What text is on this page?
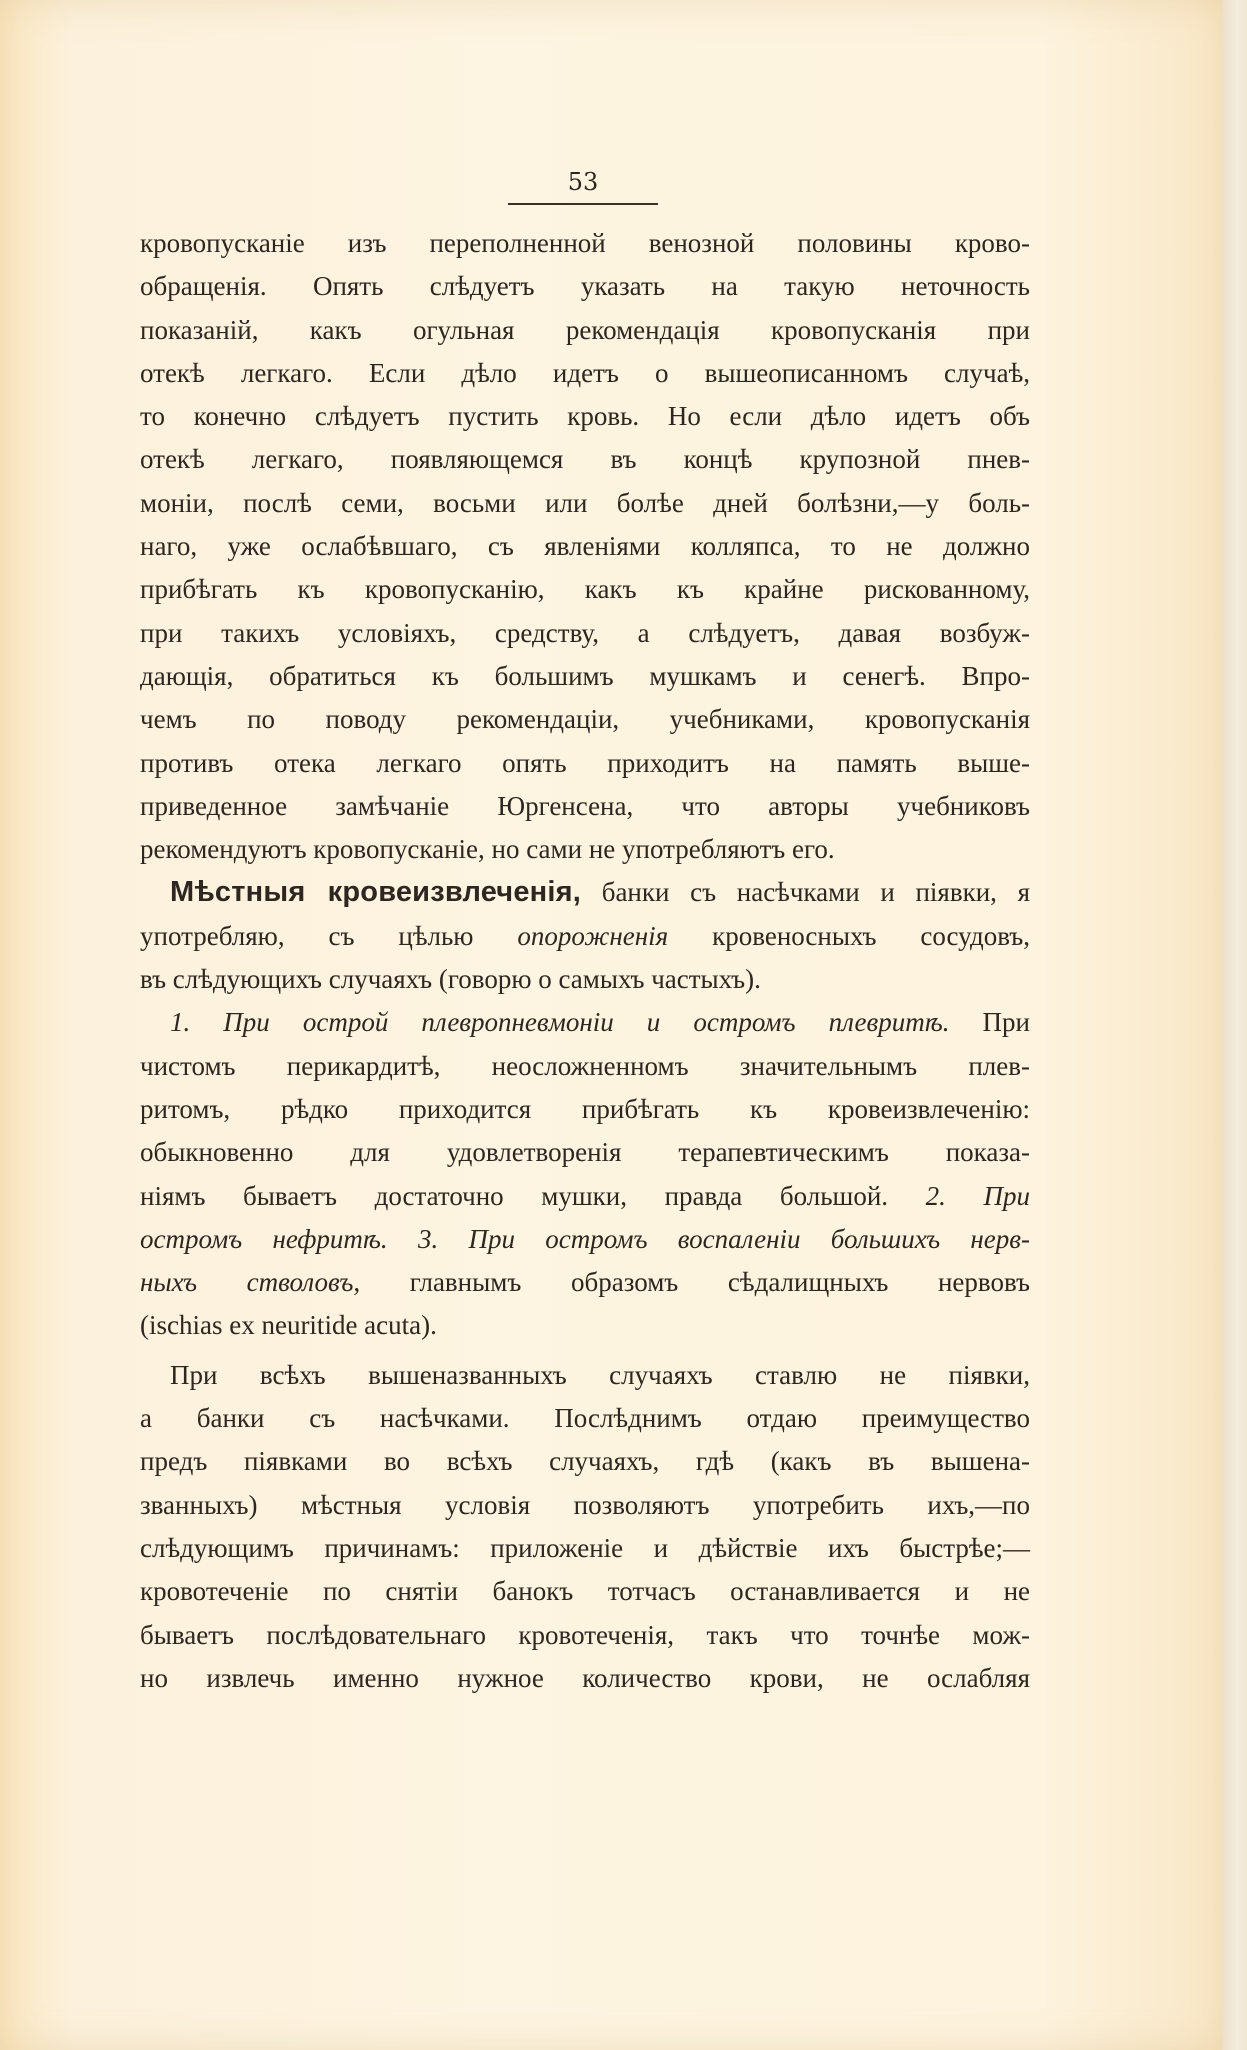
53
кровопусканіе изъ переполненной венозной половины крово-
обращенія. Опять слѣдуетъ указать на такую неточность
показаній, какъ огульная рекомендація кровопусканія при
отекѣ легкаго. Если дѣло идетъ о вышеописанномъ случаѣ,
то конечно слѣдуетъ пустить кровь. Но если дѣло идетъ объ
отекѣ легкаго, появляющемся въ концѣ крупозной пнев-
моніи, послѣ семи, восьми или болѣе дней болѣзни,—у боль-
наго, уже ослабѣвшаго, съ явленіями колляпса, то не должно
прибѣгать къ кровопусканію, какъ къ крайне рискованному,
при такихъ условіяхъ, средству, а слѣдуетъ, давая возбуж-
дающія, обратиться къ большимъ мушкамъ и сенегѣ. Впро-
чемъ по поводу рекомендаціи, учебниками, кровопусканія
противъ отека легкаго опять приходитъ на память выше-
приведенное замѣчаніе Юргенсена, что авторы учебниковъ
рекомендуютъ кровопусканіе, но сами не употребляютъ его.
Мѣстныя кровеизвлеченія, банки съ насѣчками и піявки, я
употребляю, съ цѣлью опорожненія кровеносныхъ сосудовъ,
въ слѣдующихъ случаяхъ (говорю о самыхъ частыхъ).
1. При острой плевропневмоніи и остромъ плевритѣ. При
чистомъ перикардитѣ, неосложненномъ значительнымъ плев-
ритомъ, рѣдко приходится прибѣгать къ кровеизвлеченію:
обыкновенно для удовлетворенія терапевтическимъ показа-
ніямъ бываетъ достаточно мушки, правда большой. 2. При
остромъ нефритѣ. 3. При остромъ воспаленіи большихъ нерв-
ныхъ стволовъ, главнымъ образомъ сѣдалищныхъ нервовъ
(ischias ex neuritide acuta).
При всѣхъ вышеназванныхъ случаяхъ ставлю не піявки,
а банки съ насѣчками. Послѣднимъ отдаю преимущество
предъ піявками во всѣхъ случаяхъ, гдѣ (какъ въ вышена-
званныхъ) мѣстныя условія позволяютъ употребить ихъ,—по
слѣдующимъ причинамъ: приложеніе и дѣйствіе ихъ быстрѣе;—
кровотеченіе по снятіи банокъ тотчасъ останавливается и не
бываетъ послѣдовательнаго кровотеченія, такъ что точнѣе мож-
но извлечь именно нужное количество крови, не ослабляя
